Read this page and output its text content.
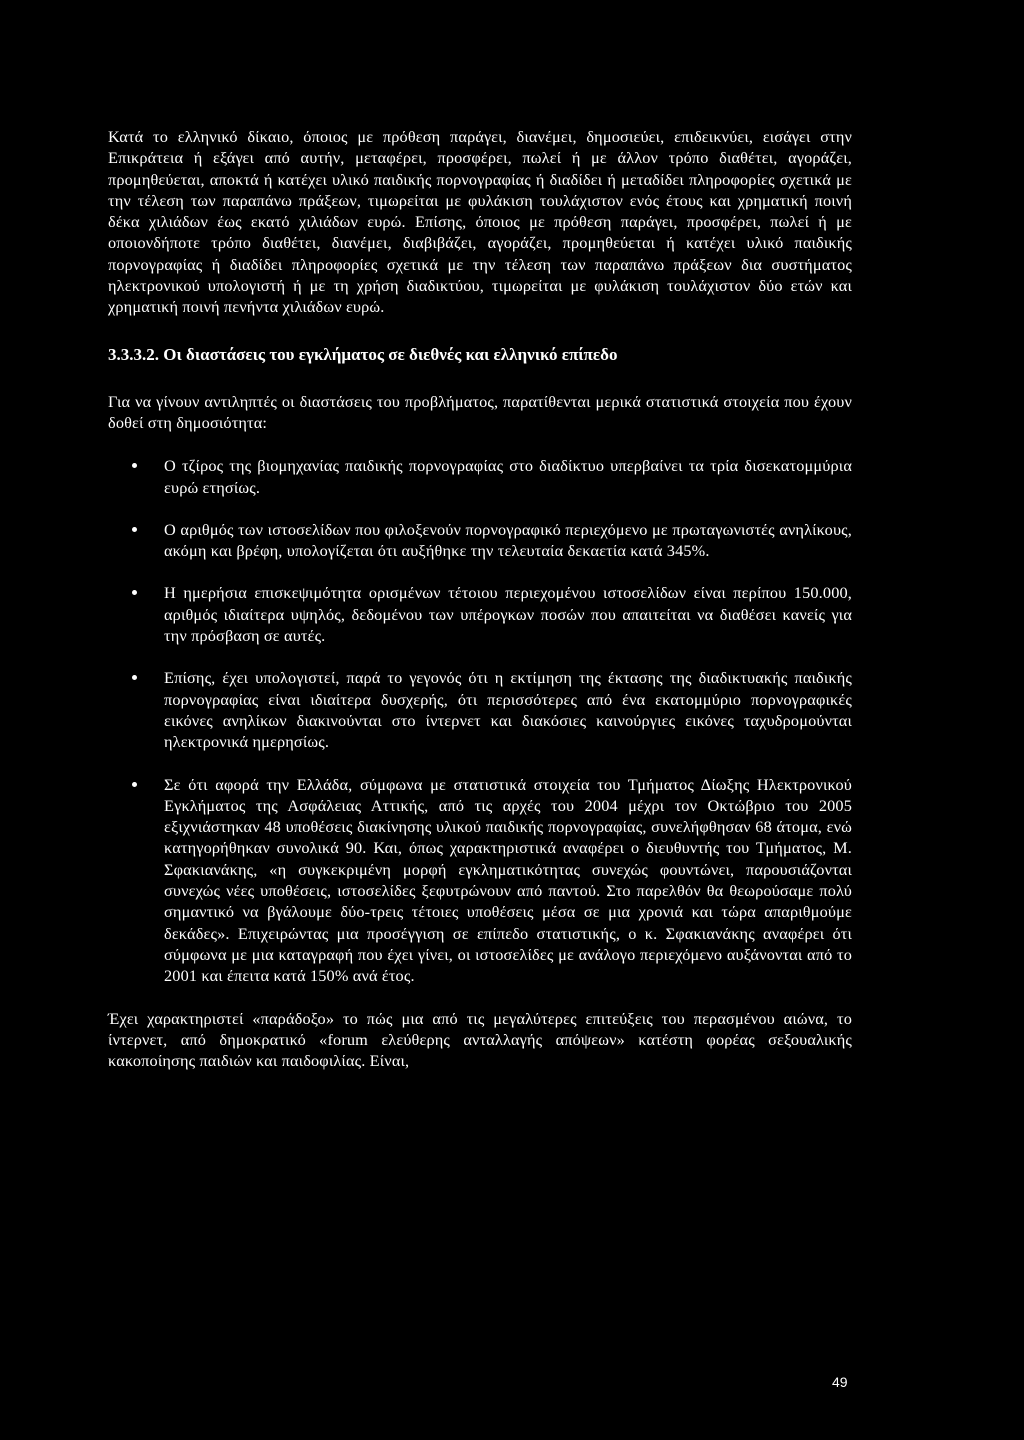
Κατά το ελληνικό δίκαιο, όποιος με πρόθεση παράγει, διανέμει, δημοσιεύει, επιδεικνύει, εισάγει στην Επικράτεια ή εξάγει από αυτήν, μεταφέρει, προσφέρει, πωλεί ή με άλλον τρόπο διαθέτει, αγοράζει, προμηθεύεται, αποκτά ή κατέχει υλικό παιδικής πορνογραφίας ή διαδίδει ή μεταδίδει πληροφορίες σχετικά με την τέλεση των παραπάνω πράξεων, τιμωρείται με φυλάκιση τουλάχιστον ενός έτους και χρηματική ποινή δέκα χιλιάδων έως εκατό χιλιάδων ευρώ. Επίσης, όποιος με πρόθεση παράγει, προσφέρει, πωλεί ή με οποιονδήποτε τρόπο διαθέτει, διανέμει, διαβιβάζει, αγοράζει, προμηθεύεται ή κατέχει υλικό παιδικής πορνογραφίας ή διαδίδει πληροφορίες σχετικά με την τέλεση των παραπάνω πράξεων δια συστήματος ηλεκτρονικού υπολογιστή ή με τη χρήση διαδικτύου, τιμωρείται με φυλάκιση τουλάχιστον δύο ετών και χρηματική ποινή πενήντα χιλιάδων ευρώ.

3.3.3.2. Οι διαστάσεις του εγκλήματος σε διεθνές και ελληνικό επίπεδο

Για να γίνουν αντιληπτές οι διαστάσεις του προβλήματος, παρατίθενται μερικά στατιστικά στοιχεία που έχουν δοθεί στη δημοσιότητα:

Ο τζίρος της βιομηχανίας παιδικής πορνογραφίας στο διαδίκτυο υπερβαίνει τα τρία δισεκατομμύρια ευρώ ετησίως.

Ο αριθμός των ιστοσελίδων που φιλοξενούν πορνογραφικό περιεχόμενο με πρωταγωνιστές ανηλίκους, ακόμη και βρέφη, υπολογίζεται ότι αυξήθηκε την τελευταία δεκαετία κατά 345%.

Η ημερήσια επισκεψιμότητα ορισμένων τέτοιου περιεχομένου ιστοσελίδων είναι περίπου 150.000, αριθμός ιδιαίτερα υψηλός, δεδομένου των υπέρογκων ποσών που απαιτείται να διαθέσει κανείς για την πρόσβαση σε αυτές.

Επίσης, έχει υπολογιστεί, παρά το γεγονός ότι η εκτίμηση της έκτασης της διαδικτυακής παιδικής πορνογραφίας είναι ιδιαίτερα δυσχερής, ότι περισσότερες από ένα εκατομμύριο πορνογραφικές εικόνες ανηλίκων διακινούνται στο ίντερνετ και διακόσιες καινούργιες εικόνες ταχυδρομούνται ηλεκτρονικά ημερησίως.

Σε ότι αφορά την Ελλάδα, σύμφωνα με στατιστικά στοιχεία του Τμήματος Δίωξης Ηλεκτρονικού Εγκλήματος της Ασφάλειας Αττικής, από τις αρχές του 2004 μέχρι τον Οκτώβριο του 2005 εξιχνιάστηκαν 48 υποθέσεις διακίνησης υλικού παιδικής πορνογραφίας, συνελήφθησαν 68 άτομα, ενώ κατηγορήθηκαν συνολικά 90. Και, όπως χαρακτηριστικά αναφέρει ο διευθυντής του Τμήματος, Μ. Σφακιανάκης, «η συγκεκριμένη μορφή εγκληματικότητας συνεχώς φουντώνει, παρουσιάζονται συνεχώς νέες υποθέσεις, ιστοσελίδες ξεφυτρώνουν από παντού. Στο παρελθόν θα θεωρούσαμε πολύ σημαντικό να βγάλουμε δύο-τρεις τέτοιες υποθέσεις μέσα σε μια χρονιά και τώρα απαριθμούμε δεκάδες». Επιχειρώντας μια προσέγγιση σε επίπεδο στατιστικής, ο κ. Σφακιανάκης αναφέρει ότι σύμφωνα με μια καταγραφή που έχει γίνει, οι ιστοσελίδες με ανάλογο περιεχόμενο αυξάνονται από το 2001 και έπειτα κατά 150% ανά έτος.

Έχει χαρακτηριστεί «παράδοξο» το πώς μια από τις μεγαλύτερες επιτεύξεις του περασμένου αιώνα, το ίντερνετ, από δημοκρατικό «forum ελεύθερης ανταλλαγής απόψεων» κατέστη φορέας σεξουαλικής κακοποίησης παιδιών και παιδοφιλίας. Είναι,

49
